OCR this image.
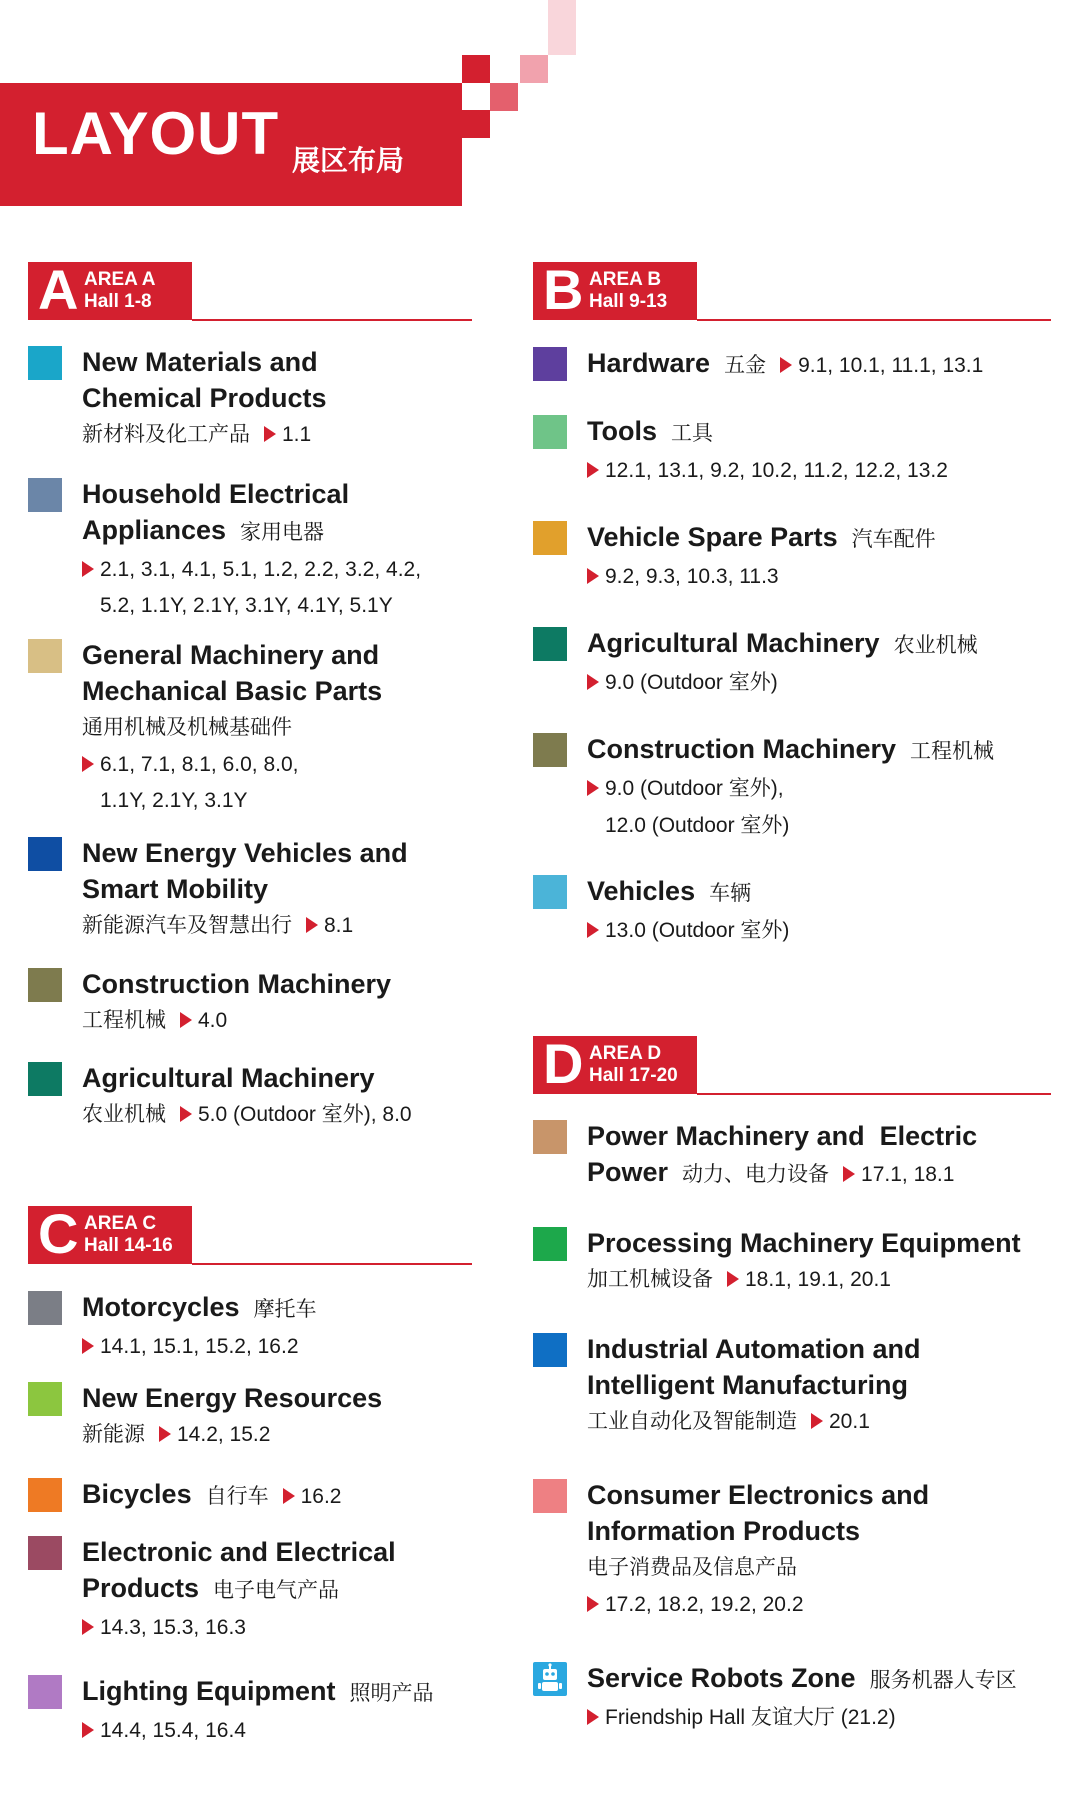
LAYOUT 展区布局
A AREA A
Hall 1-8
New Materials and
Chemical Products
新材料及化工产品 1.1
Household Electrical
Appliances 家用电器
2.1, 3.1, 4.1, 5.1, 1.2, 2.2, 3.2, 4.2,
5.2, 1.1Y, 2.1Y, 3.1Y, 4.1Y, 5.1Y
General Machinery and
Mechanical Basic Parts
通用机械及机械基础件
6.1, 7.1, 8.1, 6.0, 8.0,
1.1Y, 2.1Y, 3.1Y
New Energy Vehicles and
Smart Mobility
新能源汽车及智慧出行 8.1
Construction Machinery
工程机械 4.0
Agricultural Machinery
农业机械 5.0 (Outdoor 室外), 8.0
C AREA C
Hall 14-16
Motorcycles 摩托车
14.1, 15.1, 15.2, 16.2
New Energy Resources
新能源 14.2, 15.2
Bicycles 自行车 16.2
Electronic and Electrical
Products 电子电气产品
14.3, 15.3, 16.3
Lighting Equipment 照明产品
14.4, 15.4, 16.4
B AREA B
Hall 9-13
Hardware 五金 9.1, 10.1, 11.1, 13.1
Tools 工具
12.1, 13.1, 9.2, 10.2, 11.2, 12.2, 13.2
Vehicle Spare Parts 汽车配件
9.2, 9.3, 10.3, 11.3
Agricultural Machinery 农业机械
9.0 (Outdoor 室外)
Construction Machinery 工程机械
9.0 (Outdoor 室外),
12.0 (Outdoor 室外)
Vehicles 车辆
13.0 (Outdoor 室外)
D AREA D
Hall 17-20
Power Machinery and  Electric
Power 动力、电力设备 17.1, 18.1
Processing Machinery Equipment
加工机械设备 18.1, 19.1, 20.1
Industrial Automation and
Intelligent Manufacturing
工业自动化及智能制造 20.1
Consumer Electronics and
Information Products
电子消费品及信息产品
17.2, 18.2, 19.2, 20.2
Service Robots Zone 服务机器人专区
Friendship Hall 友谊大厅 (21.2)
